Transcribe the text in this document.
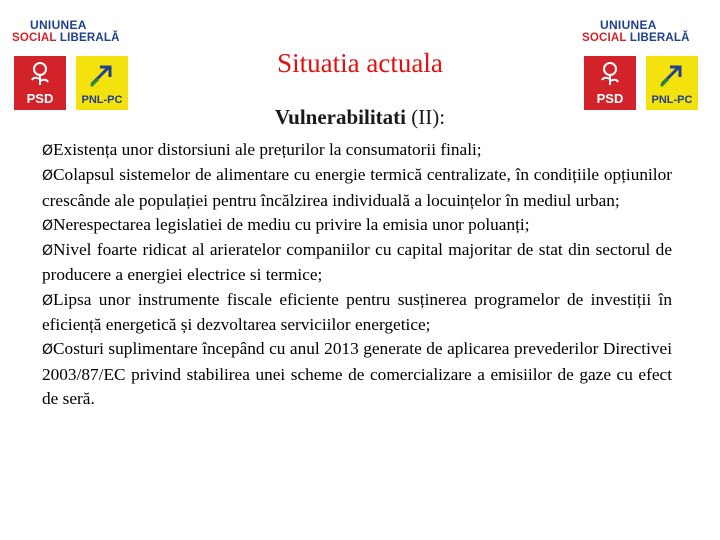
UNIUNEA
SOCIAL LIBERALĂ
PSD	PNL-PC
UNIUNEA
SOCIAL LIBERALĂ
PSD	PNL-PC
Situatia actuala
Vulnerabilitati (II):

ØExistența unor distorsiuni ale prețurilor la consumatorii finali;

ØColapsul sistemelor de alimentare cu energie termică centralizate, în condițiile opțiunilor crescânde ale populației pentru încălzirea individuală a locuințelor în mediul urban;

ØNerespectarea legislatiei de mediu cu privire la emisia unor poluanți;

ØNivel foarte ridicat al arieratelor companiilor cu capital majoritar de stat din sectorul de producere a energiei electrice si termice;

ØLipsa unor instrumente fiscale eficiente pentru susținerea programelor de investiții în eficiență energetică și dezvoltarea serviciilor energetice;

ØCosturi suplimentare începând cu anul 2013 generate de aplicarea prevederilor Directivei 2003/87/EC privind stabilirea unei scheme de comercializare a emisiilor de gaze cu efect de seră.
